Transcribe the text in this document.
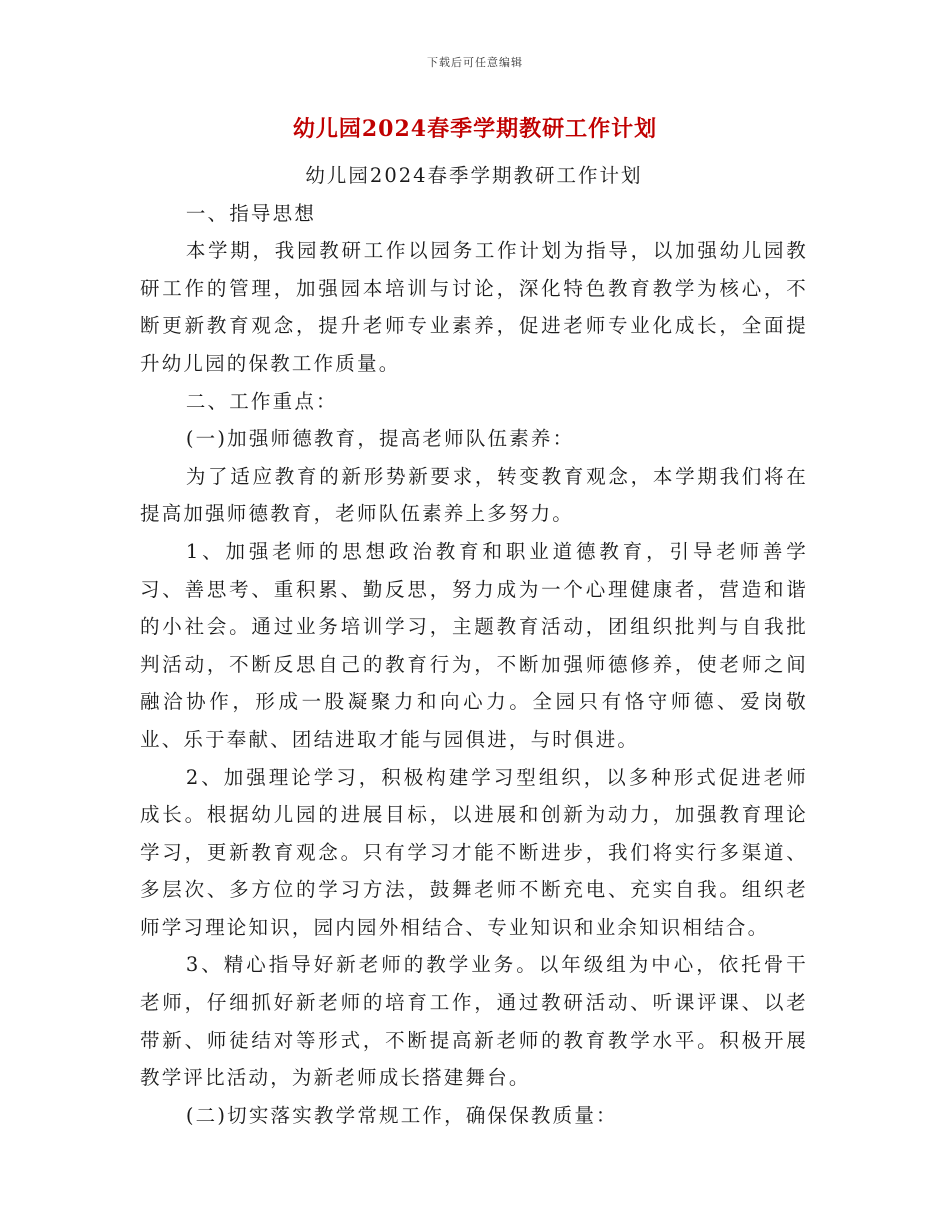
下载后可任意编辑
幼儿园2024春季学期教研工作计划

幼儿园2024春季学期教研工作计划

一、指导思想

本学期，我园教研工作以园务工作计划为指导，以加强幼儿园教研工作的管理，加强园本培训与讨论，深化特色教育教学为核心，不断更新教育观念，提升老师专业素养，促进老师专业化成长，全面提升幼儿园的保教工作质量。

二、工作重点：

(一)加强师德教育，提高老师队伍素养：

为了适应教育的新形势新要求，转变教育观念，本学期我们将在提高加强师德教育，老师队伍素养上多努力。

1、加强老师的思想政治教育和职业道德教育，引导老师善学习、善思考、重积累、勤反思，努力成为一个心理健康者，营造和谐的小社会。通过业务培训学习，主题教育活动，团组织批判与自我批判活动，不断反思自己的教育行为，不断加强师德修养，使老师之间融洽协作，形成一股凝聚力和向心力。全园只有恪守师德、爱岗敬业、乐于奉献、团结进取才能与园俱进，与时俱进。

2、加强理论学习，积极构建学习型组织，以多种形式促进老师成长。根据幼儿园的进展目标，以进展和创新为动力，加强教育理论学习，更新教育观念。只有学习才能不断进步，我们将实行多渠道、多层次、多方位的学习方法，鼓舞老师不断充电、充实自我。组织老师学习理论知识，园内园外相结合、专业知识和业余知识相结合。

3、精心指导好新老师的教学业务。以年级组为中心，依托骨干老师，仔细抓好新老师的培育工作，通过教研活动、听课评课、以老带新、师徒结对等形式，不断提高新老师的教育教学水平。积极开展教学评比活动，为新老师成长搭建舞台。

(二)切实落实教学常规工作，确保保教质量：
